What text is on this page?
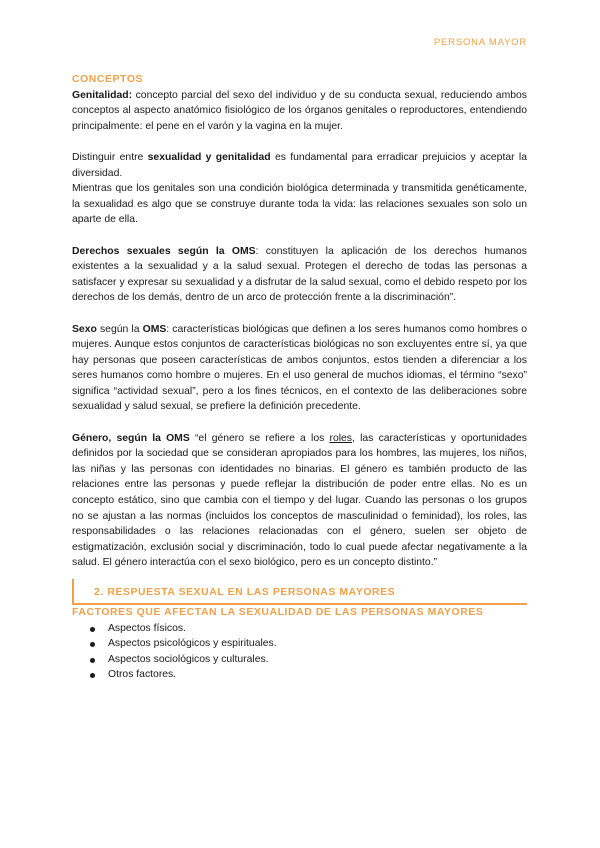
PERSONA MAYOR

CONCEPTOS

Genitalidad: concepto parcial del sexo del individuo y de su conducta sexual, reduciendo ambos conceptos al aspecto anatómico fisiológico de los órganos genitales o reproductores, entendiendo principalmente: el pene en el varón y la vagina en la mujer.

Distinguir entre sexualidad y genitalidad es fundamental para erradicar prejuicios y aceptar la diversidad.

Mientras que los genitales son una condición biológica determinada y transmitida genéticamente, la sexualidad es algo que se construye durante toda la vida: las relaciones sexuales son solo un aparte de ella.

Derechos sexuales según la OMS: constituyen la aplicación de los derechos humanos existentes a la sexualidad y a la salud sexual. Protegen el derecho de todas las personas a satisfacer y expresar su sexualidad y a disfrutar de la salud sexual, como el debido respeto por los derechos de los demás, dentro de un arco de protección frente a la discriminación”.

Sexo según la OMS: características biológicas que definen a los seres humanos como hombres o mujeres. Aunque estos conjuntos de características biológicas no son excluyentes entre sí, ya que hay personas que poseen características de ambos conjuntos, estos tienden a diferenciar a los seres humanos como hombre o mujeres. En el uso general de muchos idiomas, el término “sexo” significa “actividad sexual”, pero a los fines técnicos, en el contexto de las deliberaciones sobre sexualidad y salud sexual, se prefiere la definición precedente.

Género, según la OMS “el género se refiere a los roles, las características y oportunidades definidos por la sociedad que se consideran apropiados para los hombres, las mujeres, los niños, las niñas y las personas con identidades no binarias. El género es también producto de las relaciones entre las personas y puede reflejar la distribución de poder entre ellas. No es un concepto estático, sino que cambia con el tiempo y del lugar. Cuando las personas o los grupos no se ajustan a las normas (incluidos los conceptos de masculinidad o feminidad), los roles, las responsabilidades o las relaciones relacionadas con el género, suelen ser objeto de estigmatización, exclusión social y discriminación, todo lo cual puede afectar negativamente a la salud. El género interactúa con el sexo biológico, pero es un concepto distinto.”

2. RESPUESTA SEXUAL EN LAS PERSONAS MAYORES

FACTORES QUE AFECTAN LA SEXUALIDAD DE LAS PERSONAS MAYORES

Aspectos físicos.
Aspectos psicológicos y espirituales.
Aspectos sociológicos y culturales.
Otros factores.
